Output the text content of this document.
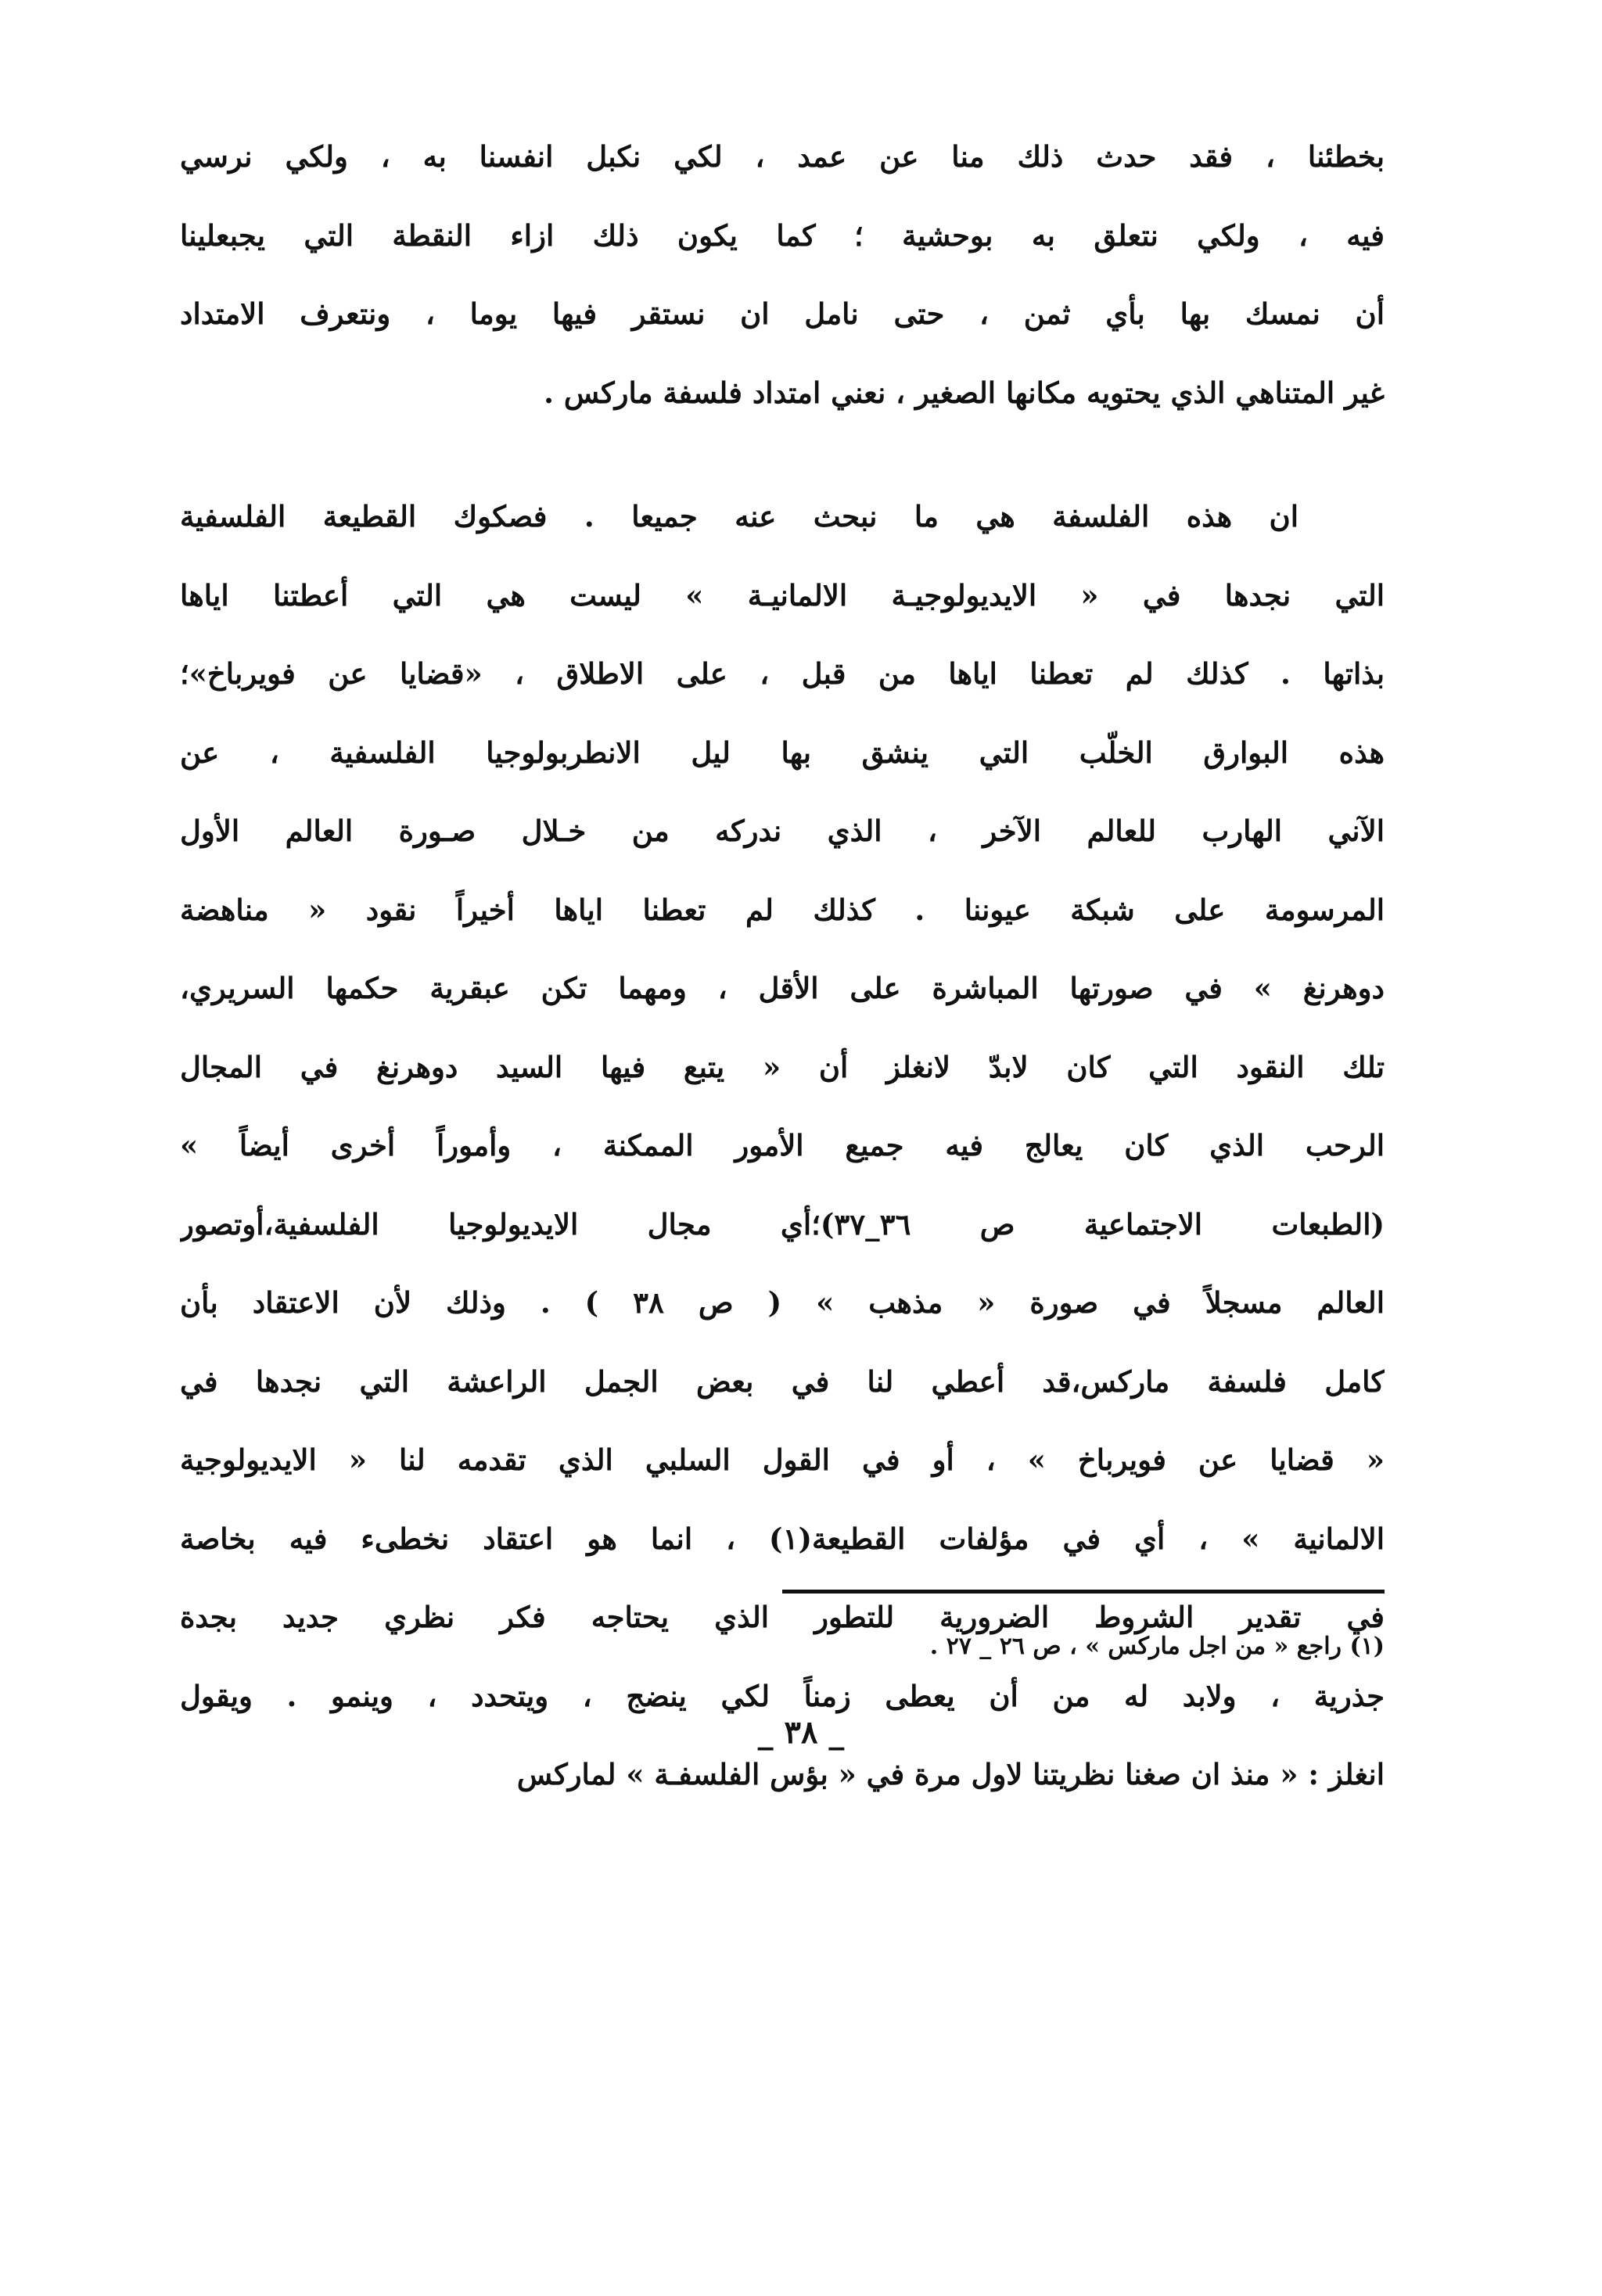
بخطئنا ، فقد حدث ذلك منا عن عمد ، لكي نكبل انفسنا به ، ولكي نرسي
فيه ، ولكي نتعلق به بوحشية ؛ كما يكون ذلك ازاء النقطة التي يجبعلينا
أن نمسك بها بأي ثمن ، حتى نامل ان نستقر فيها يوما ، ونتعرف الامتداد
غير المتناهي الذي يحتويه مكانها الصغير ، نعني امتداد فلسفة ماركس .
ان هذه الفلسفة هي ما نبحث عنه جميعا . فصكوك القطيعة الفلسفية
التي نجدها في « الايديولوجيـة الالمانيـة » ليست هي التي أعطتنا اياها
بذاتها . كذلك لم تعطنا اياها من قبل ، على الاطلاق ، «قضايا عن فويرباخ»؛
هذه البوارق الخلّب التي ينشق بها ليل الانطربولوجيا الفلسفية ، عن
الآني الهارب للعالم الآخر ، الذي ندركه من خـلال صـورة العالم الأول
المرسومة على شبكة عيوننا . كذلك لم تعطنا اياها أخيراً نقود « مناهضة
دوهرنغ » في صورتها المباشرة على الأقل ، ومهما تكن عبقرية حكمها السريري،
تلك النقود التي كان لابدّ لانغلز أن « يتبع فيها السيد دوهرنغ في المجال
الرحب الذي كان يعالج فيه جميع الأمور الممكنة ، وأموراً أخرى أيضاً »
(الطبعات الاجتماعية ص ٣٦_٣٧)؛أي مجال الايديولوجيا الفلسفية،أوتصور
العالم مسجلاً في صورة « مذهب » ( ص ٣٨ ) . وذلك لأن الاعتقاد بأن
كامل فلسفة ماركس،قد أعطي لنا في بعض الجمل الراعشة التي نجدها في
« قضايا عن فويرباخ » ، أو في القول السلبي الذي تقدمه لنا « الايديولوجية
الالمانية » ، أي في مؤلفات القطيعة(١) ، انما هو اعتقاد نخطىء فيه بخاصة
في تقدير الشروط الضرورية للتطور الذي يحتاجه فكر نظري جديد بجدة
جذرية ، ولابد له من أن يعطى زمناً لكي ينضج ، ويتحدد ، وينمو . ويقول
انغلز : « منذ ان صغنا نظريتنا لاول مرة في « بؤس الفلسفـة » لماركس
(١) راجع « من اجل ماركس » ، ص ٢٦ _ ٢٧ .
_ ٣٨ _
